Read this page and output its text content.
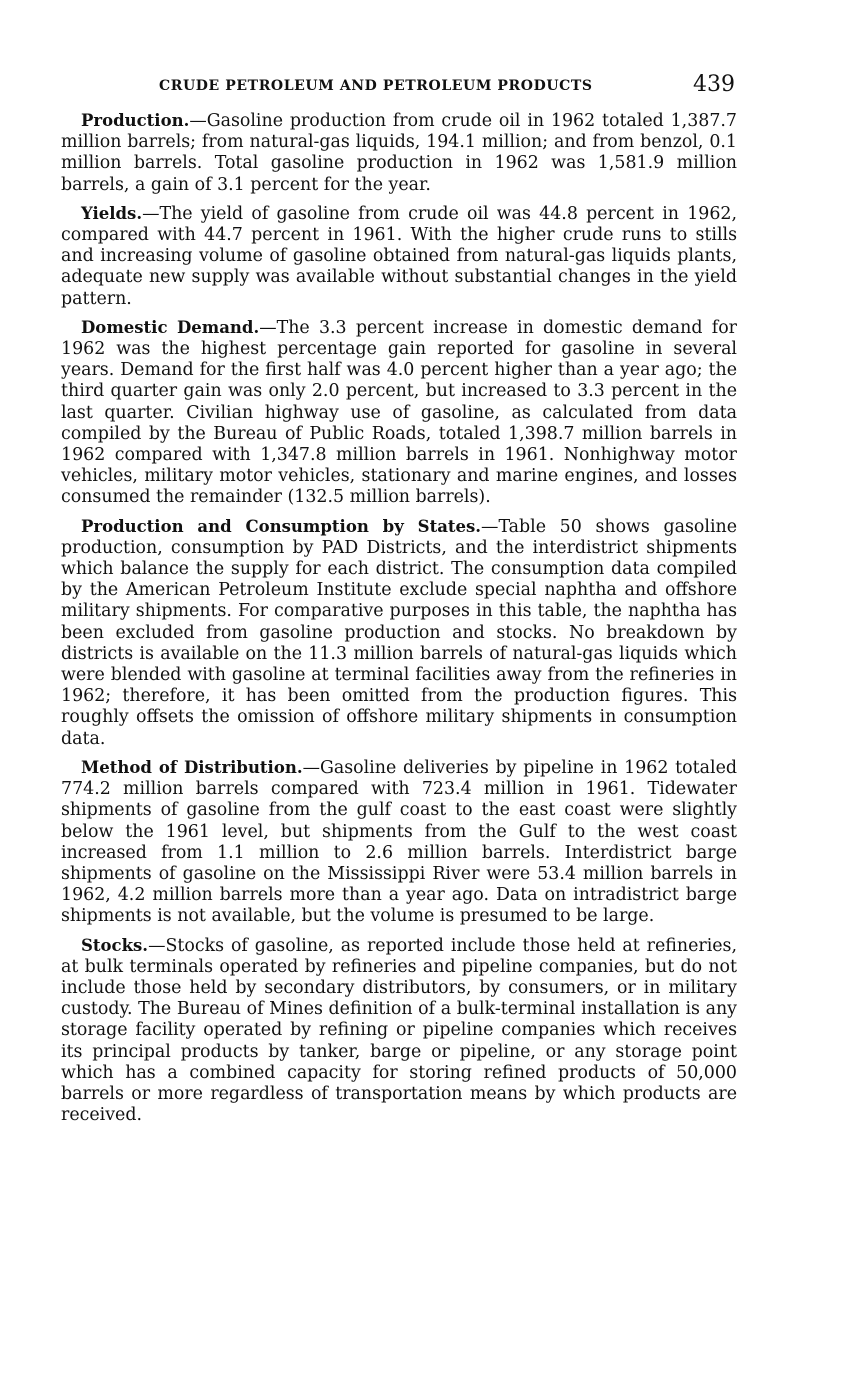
CRUDE PETROLEUM AND PETROLEUM PRODUCTS	439

Production.—Gasoline production from crude oil in 1962 totaled 1,387.7 million barrels; from natural-gas liquids, 194.1 million; and from benzol, 0.1 million barrels. Total gasoline production in 1962 was 1,581.9 million barrels, a gain of 3.1 percent for the year.

Yields.—The yield of gasoline from crude oil was 44.8 percent in 1962, compared with 44.7 percent in 1961. With the higher crude runs to stills and increasing volume of gasoline obtained from natural-gas liquids plants, adequate new supply was available without substantial changes in the yield pattern.

Domestic Demand.—The 3.3 percent increase in domestic demand for 1962 was the highest percentage gain reported for gasoline in several years. Demand for the first half was 4.0 percent higher than a year ago; the third quarter gain was only 2.0 percent, but increased to 3.3 percent in the last quarter. Civilian highway use of gasoline, as calculated from data compiled by the Bureau of Public Roads, totaled 1,398.7 million barrels in 1962 compared with 1,347.8 million barrels in 1961. Nonhighway motor vehicles, military motor vehicles, stationary and marine engines, and losses consumed the remainder (132.5 million barrels).

Production and Consumption by States.—Table 50 shows gasoline production, consumption by PAD Districts, and the interdistrict shipments which balance the supply for each district. The consumption data compiled by the American Petroleum Institute exclude special naphtha and offshore military shipments. For comparative purposes in this table, the naphtha has been excluded from gasoline production and stocks. No breakdown by districts is available on the 11.3 million barrels of natural-gas liquids which were blended with gasoline at terminal facilities away from the refineries in 1962; therefore, it has been omitted from the production figures. This roughly offsets the omission of offshore military shipments in consumption data.

Method of Distribution.—Gasoline deliveries by pipeline in 1962 totaled 774.2 million barrels compared with 723.4 million in 1961. Tidewater shipments of gasoline from the gulf coast to the east coast were slightly below the 1961 level, but shipments from the Gulf to the west coast increased from 1.1 million to 2.6 million barrels. Interdistrict barge shipments of gasoline on the Mississippi River were 53.4 million barrels in 1962, 4.2 million barrels more than a year ago. Data on intradistrict barge shipments is not available, but the volume is presumed to be large.

Stocks.—Stocks of gasoline, as reported include those held at refineries, at bulk terminals operated by refineries and pipeline companies, but do not include those held by secondary distributors, by consumers, or in military custody. The Bureau of Mines definition of a bulk-terminal installation is any storage facility operated by refining or pipeline companies which receives its principal products by tanker, barge or pipeline, or any storage point which has a combined capacity for storing refined products of 50,000 barrels or more regardless of transportation means by which products are received.
